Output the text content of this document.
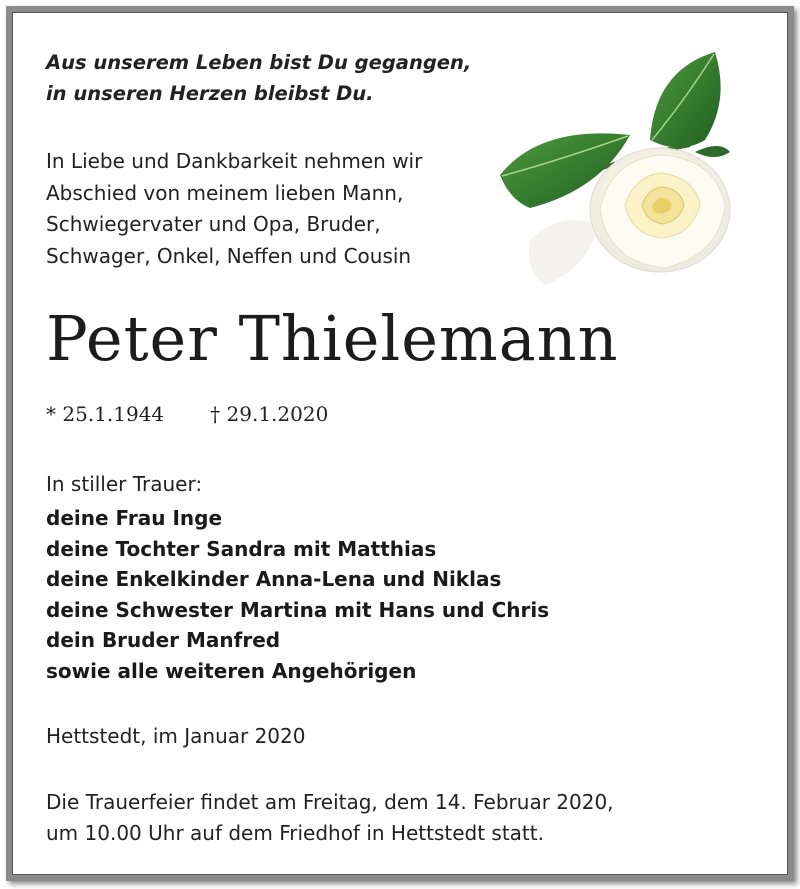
Aus unserem Leben bist Du gegangen,
in unseren Herzen bleibst Du.
In Liebe und Dankbarkeit nehmen wir
Abschied von meinem lieben Mann,
Schwiegervater und Opa, Bruder,
Schwager, Onkel, Neffen und Cousin
Peter Thielemann
* 25.1.1944 † 29.1.2020
In stiller Trauer:
deine Frau Inge
deine Tochter Sandra mit Matthias
deine Enkelkinder Anna-Lena und Niklas
deine Schwester Martina mit Hans und Chris
dein Bruder Manfred
sowie alle weiteren Angehörigen
Hettstedt, im Januar 2020
Die Trauerfeier findet am Freitag, dem 14. Februar 2020,
um 10.00 Uhr auf dem Friedhof in Hettstedt statt.
